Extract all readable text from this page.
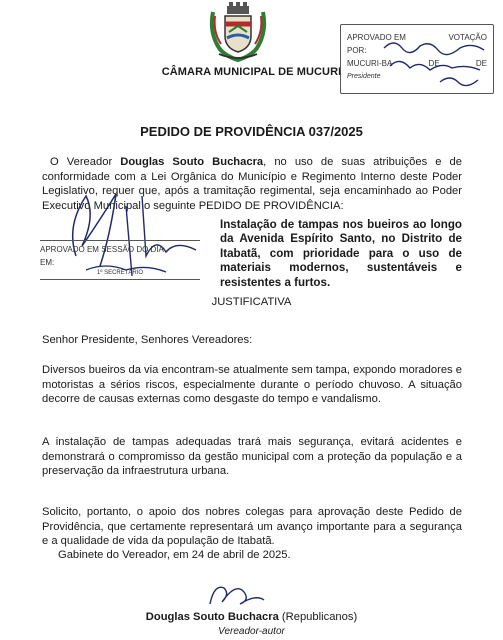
CÂMARA MUNICIPAL DE MUCURI
APROVADO EM	VOTAÇÃO
POR:
MUCURI-BA	DE	DE
Presidente
PEDIDO DE PROVIDÊNCIA 037/2025

O Vereador Douglas Souto Buchacra, no uso de suas atribuições e de conformidade com a Lei Orgânica do Município e Regimento Interno deste Poder Legislativo, requer que, após a tramitação regimental, seja encaminhado ao Poder Executivo Municipal o seguinte PEDIDO DE PROVIDÊNCIA:

APROVADO EM SESSÃO DO DIA
EM:
1º SECRETÁRIO

Instalação de tampas nos bueiros ao longo da Avenida Espírito Santo, no Distrito de Itabatã, com prioridade para o uso de materiais modernos, sustentáveis e resistentes a furtos.

JUSTIFICATIVA
Senhor Presidente, Senhores Vereadores:

Diversos bueiros da via encontram-se atualmente sem tampa, expondo moradores e motoristas a sérios riscos, especialmente durante o período chuvoso. A situação decorre de causas externas como desgaste do tempo e vandalismo.

A instalação de tampas adequadas trará mais segurança, evitará acidentes e demonstrará o compromisso da gestão municipal com a proteção da população e a preservação da infraestrutura urbana.

Solicito, portanto, o apoio dos nobres colegas para aprovação deste Pedido de Providência, que certamente representará um avanço importante para a segurança e a qualidade de vida da população de Itabatã.

Gabinete do Vereador, em 24 de abril de 2025.
Douglas Souto Buchacra (Republicanos)
Vereador-autor
